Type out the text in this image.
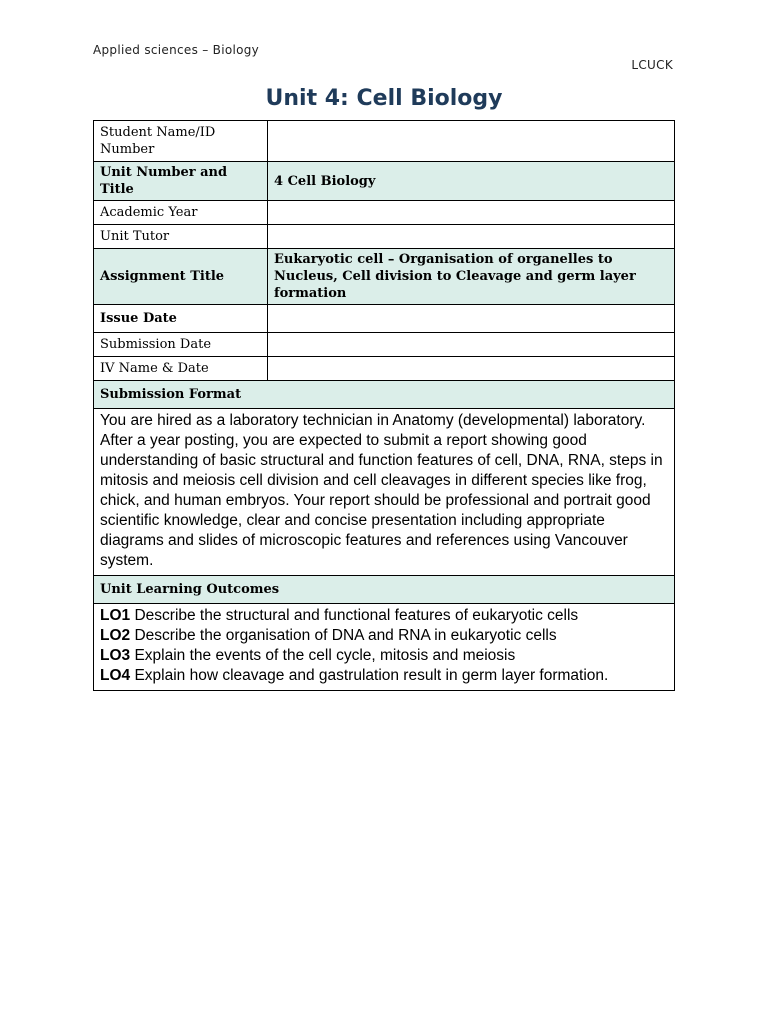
Applied sciences – Biology
LCUCK
Unit 4: Cell Biology
Student Name/ID Number	
Unit Number and Title	4 Cell Biology
Academic Year	
Unit Tutor	
Assignment Title	Eukaryotic cell – Organisation of organelles to Nucleus, Cell division to Cleavage and germ layer formation
Issue Date	
Submission Date	
IV Name & Date	
Submission Format	
You are hired as a laboratory technician in Anatomy (developmental) laboratory. After a year posting, you are expected to submit a report showing good understanding of basic structural and function features of cell, DNA, RNA, steps in mitosis and meiosis cell division and cell cleavages in different species like frog, chick, and human embryos. Your report should be professional and portrait good scientific knowledge, clear and concise presentation including appropriate diagrams and slides of microscopic features and references using Vancouver system.	
Unit Learning Outcomes	

LO1 Describe the structural and functional features of eukaryotic cells
LO2 Describe the organisation of DNA and RNA in eukaryotic cells
LO3 Explain the events of the cell cycle, mitosis and meiosis
LO4 Explain how cleavage and gastrulation result in germ layer formation.	
